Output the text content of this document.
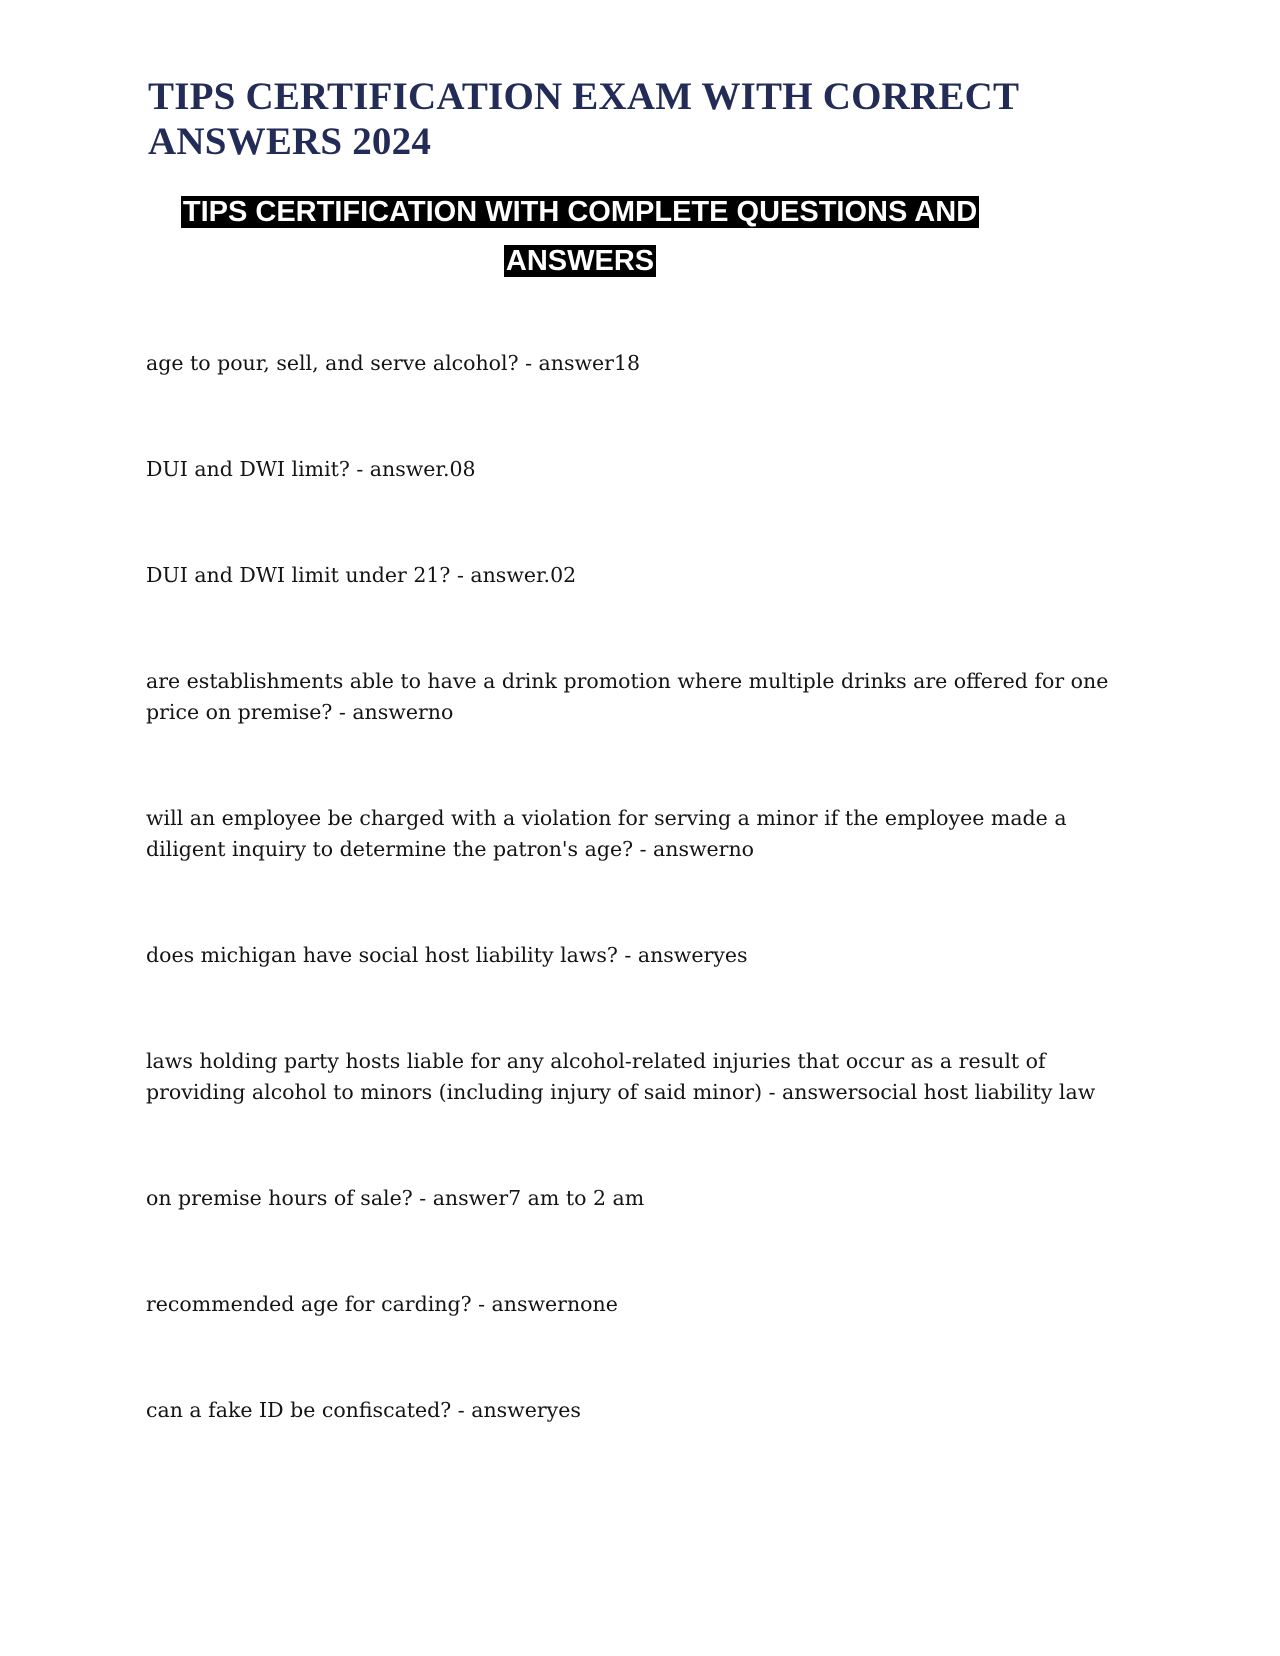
TIPS CERTIFICATION EXAM WITH CORRECT ANSWERS 2024

TIPS CERTIFICATION WITH COMPLETE QUESTIONS AND ANSWERS

age to pour, sell, and serve alcohol? - answer18
DUI and DWI limit? - answer.08
DUI and DWI limit under 21? - answer.02
are establishments able to have a drink promotion where multiple drinks are offered for one price on premise? - answerno
will an employee be charged with a violation for serving a minor if the employee made a diligent inquiry to determine the patron's age? - answerno
does michigan have social host liability laws? - answeryes
laws holding party hosts liable for any alcohol-related injuries that occur as a result of providing alcohol to minors (including injury of said minor) - answersocial host liability law
on premise hours of sale? - answer7 am to 2 am
recommended age for carding? - answernone
can a fake ID be confiscated? - answeryes
